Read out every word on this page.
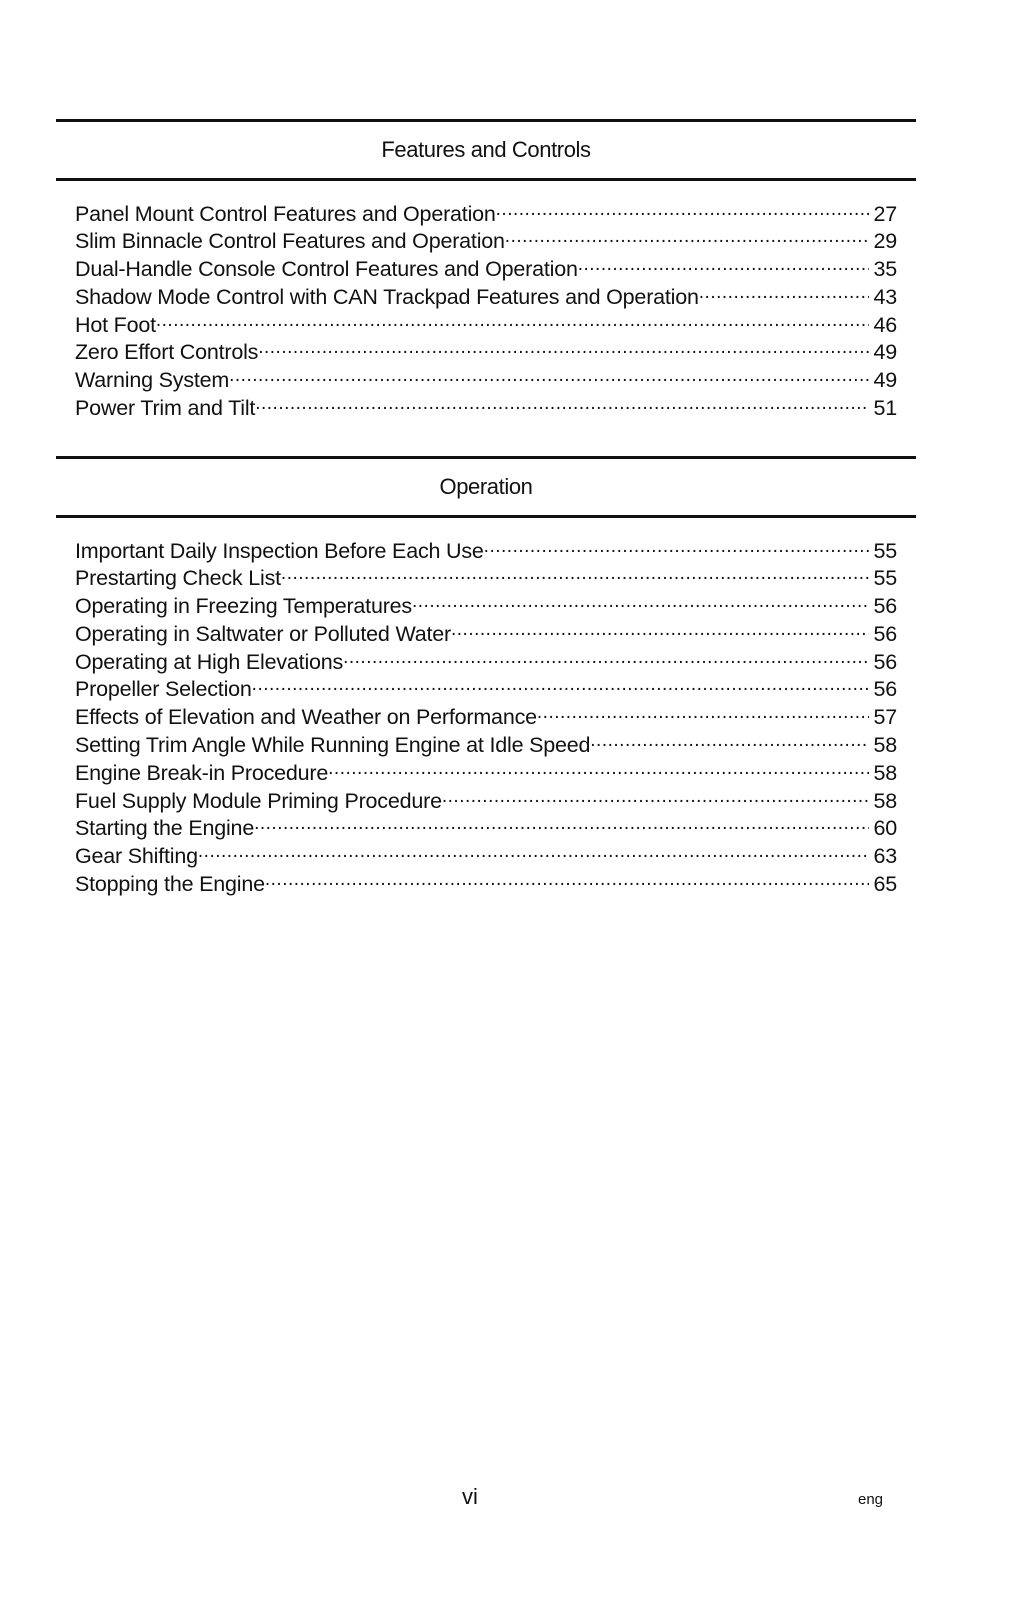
Features and Controls
Panel Mount Control Features and Operation .....	27
Slim Binnacle Control Features and Operation .....	29
Dual-Handle Console Control Features and Operation .....	35
Shadow Mode Control with CAN Trackpad Features and Operation .....	43
Hot Foot .....	46
Zero Effort Controls .....	49
Warning System .....	49
Power Trim and Tilt .....	51
Operation
Important Daily Inspection Before Each Use .....	55
Prestarting Check List .....	55
Operating in Freezing Temperatures .....	56
Operating in Saltwater or Polluted Water .....	56
Operating at High Elevations .....	56
Propeller Selection .....	56
Effects of Elevation and Weather on Performance .....	57
Setting Trim Angle While Running Engine at Idle Speed .....	58
Engine Break-in Procedure .....	58
Fuel Supply Module Priming Procedure .....	58
Starting the Engine .....	60
Gear Shifting .....	63
Stopping the Engine .....	65
vi	eng
